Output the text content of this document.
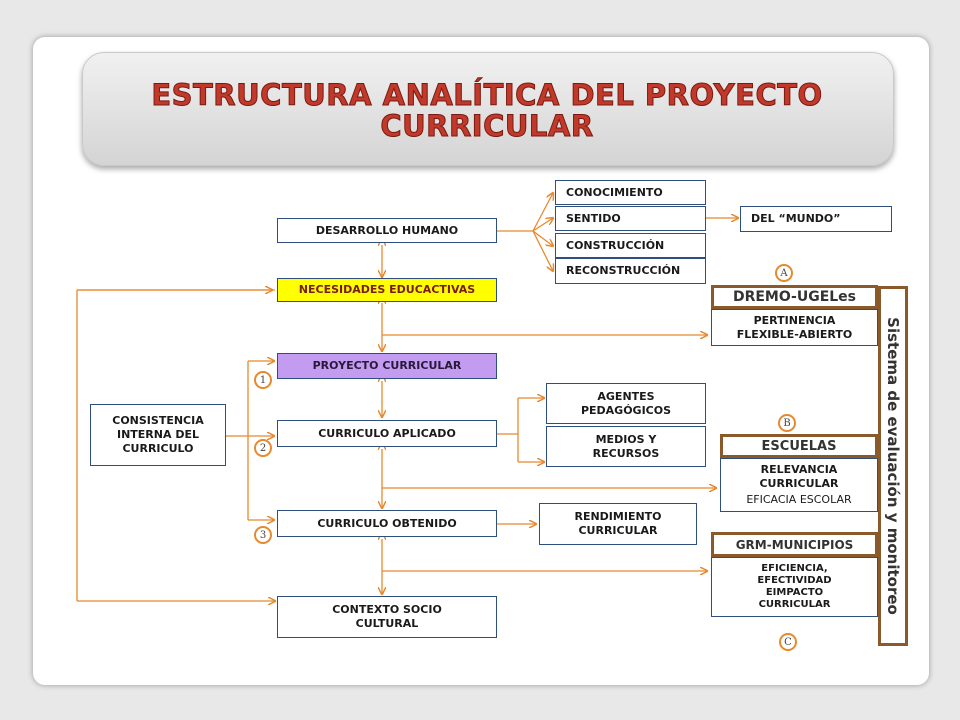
ESTRUCTURA ANALÍTICA DEL PROYECTO CURRICULAR
CONOCIMIENTO
SENTIDO
CONSTRUCCIÓN
RECONSTRUCCIÓN
DEL “MUNDO”
DESARROLLO HUMANO
NECESIDADES EDUCACTIVAS
PROYECTO CURRICULAR
CURRICULO APLICADO
CURRICULO OBTENIDO
CONTEXTO SOCIO
CULTURAL
CONSISTENCIA
INTERNA DEL
CURRICULO
AGENTES
PEDAGÓGICOS
MEDIOS Y
RECURSOS
RENDIMIENTO
CURRICULAR
DREMO-UGELes
PERTINENCIA
FLEXIBLE-ABIERTO
ESCUELAS
RELEVANCIA
CURRICULAR
EFICACIA ESCOLAR
GRM-MUNICIPIOS
EFICIENCIA,
EFECTIVIDAD
EIMPACTO
CURRICULAR	Sistema de evaluación y monitoreo
A
B
C
1
2
3
